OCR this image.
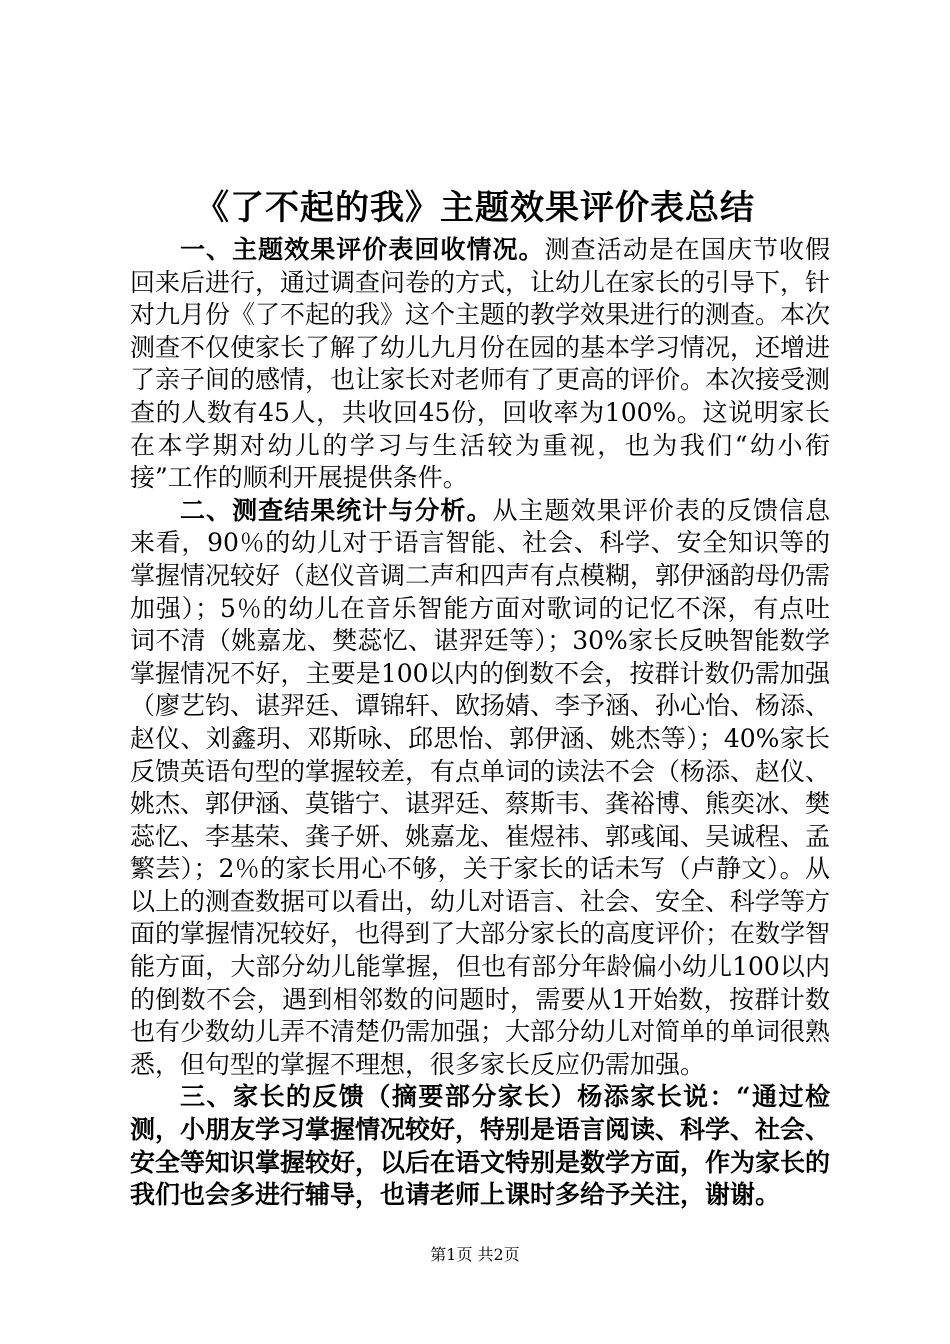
《了不起的我》主题效果评价表总结

一、主题效果评价表回收情况。测查活动是在国庆节收假回来后进行，通过调查问卷的方式，让幼儿在家长的引导下，针对九月份《了不起的我》这个主题的教学效果进行的测查。本次测查不仅使家长了解了幼儿九月份在园的基本学习情况，还增进了亲子间的感情，也让家长对老师有了更高的评价。本次接受测查的人数有45人，共收回45份，回收率为100%。这说明家长在本学期对幼儿的学习与生活较为重视，也为我们“幼小衔接”工作的顺利开展提供条件。

二、测查结果统计与分析。从主题效果评价表的反馈信息来看，90％的幼儿对于语言智能、社会、科学、安全知识等的掌握情况较好（赵仪音调二声和四声有点模糊，郭伊涵韵母仍需加强）；5％的幼儿在音乐智能方面对歌词的记忆不深，有点吐词不清（姚嘉龙、樊蕊忆、谌羿廷等）；30%家长反映智能数学掌握情况不好，主要是100以内的倒数不会，按群计数仍需加强（廖艺钧、谌羿廷、谭锦轩、欧扬婧、李予涵、孙心怡、杨添、赵仪、刘鑫玥、邓斯咏、邱思怡、郭伊涵、姚杰等）；40%家长反馈英语句型的掌握较差，有点单词的读法不会（杨添、赵仪、姚杰、郭伊涵、莫锴宁、谌羿廷、蔡斯韦、龚裕博、熊奕冰、樊蕊忆、李基荣、龚子妍、姚嘉龙、崔煜祎、郭彧闻、吴诚程、孟繁芸）；2％的家长用心不够，关于家长的话未写（卢静文）。从以上的测查数据可以看出，幼儿对语言、社会、安全、科学等方面的掌握情况较好，也得到了大部分家长的高度评价；在数学智能方面，大部分幼儿能掌握，但也有部分年龄偏小幼儿100以内的倒数不会，遇到相邻数的问题时，需要从1开始数，按群计数也有少数幼儿弄不清楚仍需加强；大部分幼儿对简单的单词很熟悉，但句型的掌握不理想，很多家长反应仍需加强。

三、家长的反馈（摘要部分家长）杨添家长说：“通过检测，小朋友学习掌握情况较好，特别是语言阅读、科学、社会、安全等知识掌握较好，以后在语文特别是数学方面，作为家长的我们也会多进行辅导，也请老师上课时多给予关注，谢谢。

第1页 共2页
